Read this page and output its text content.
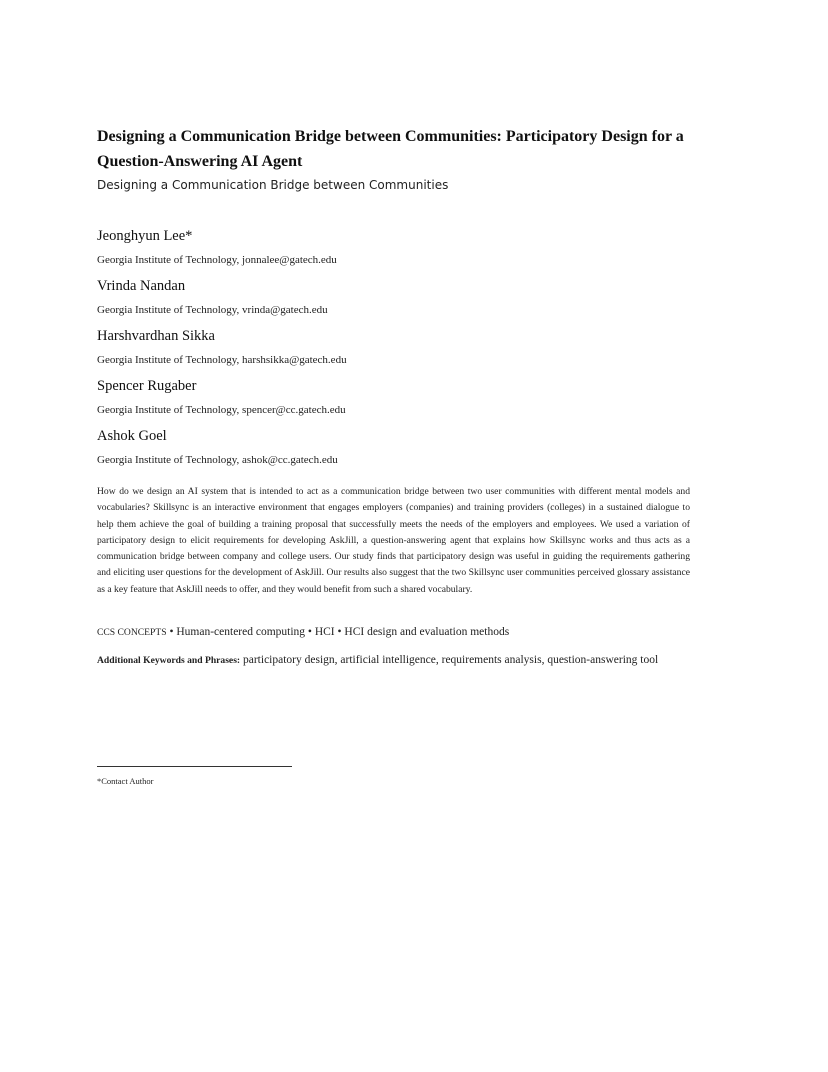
Designing a Communication Bridge between Communities: Participatory Design for a Question-Answering AI Agent
Designing a Communication Bridge between Communities
Jeonghyun Lee*
Georgia Institute of Technology, jonnalee@gatech.edu
Vrinda Nandan
Georgia Institute of Technology, vrinda@gatech.edu
Harshvardhan Sikka
Georgia Institute of Technology, harshsikka@gatech.edu
Spencer Rugaber
Georgia Institute of Technology, spencer@cc.gatech.edu
Ashok Goel
Georgia Institute of Technology, ashok@cc.gatech.edu

How do we design an AI system that is intended to act as a communication bridge between two user communities with different mental models and vocabularies? Skillsync is an interactive environment that engages employers (companies) and training providers (colleges) in a sustained dialogue to help them achieve the goal of building a training proposal that successfully meets the needs of the employers and employees. We used a variation of participatory design to elicit requirements for developing AskJill, a question-answering agent that explains how Skillsync works and thus acts as a communication bridge between company and college users. Our study finds that participatory design was useful in guiding the requirements gathering and eliciting user questions for the development of AskJill. Our results also suggest that the two Skillsync user communities perceived glossary assistance as a key feature that AskJill needs to offer, and they would benefit from such a shared vocabulary.

CCS CONCEPTS • Human-centered computing • HCI • HCI design and evaluation methods
Additional Keywords and Phrases: participatory design, artificial intelligence, requirements analysis, question-answering tool
*Contact Author
